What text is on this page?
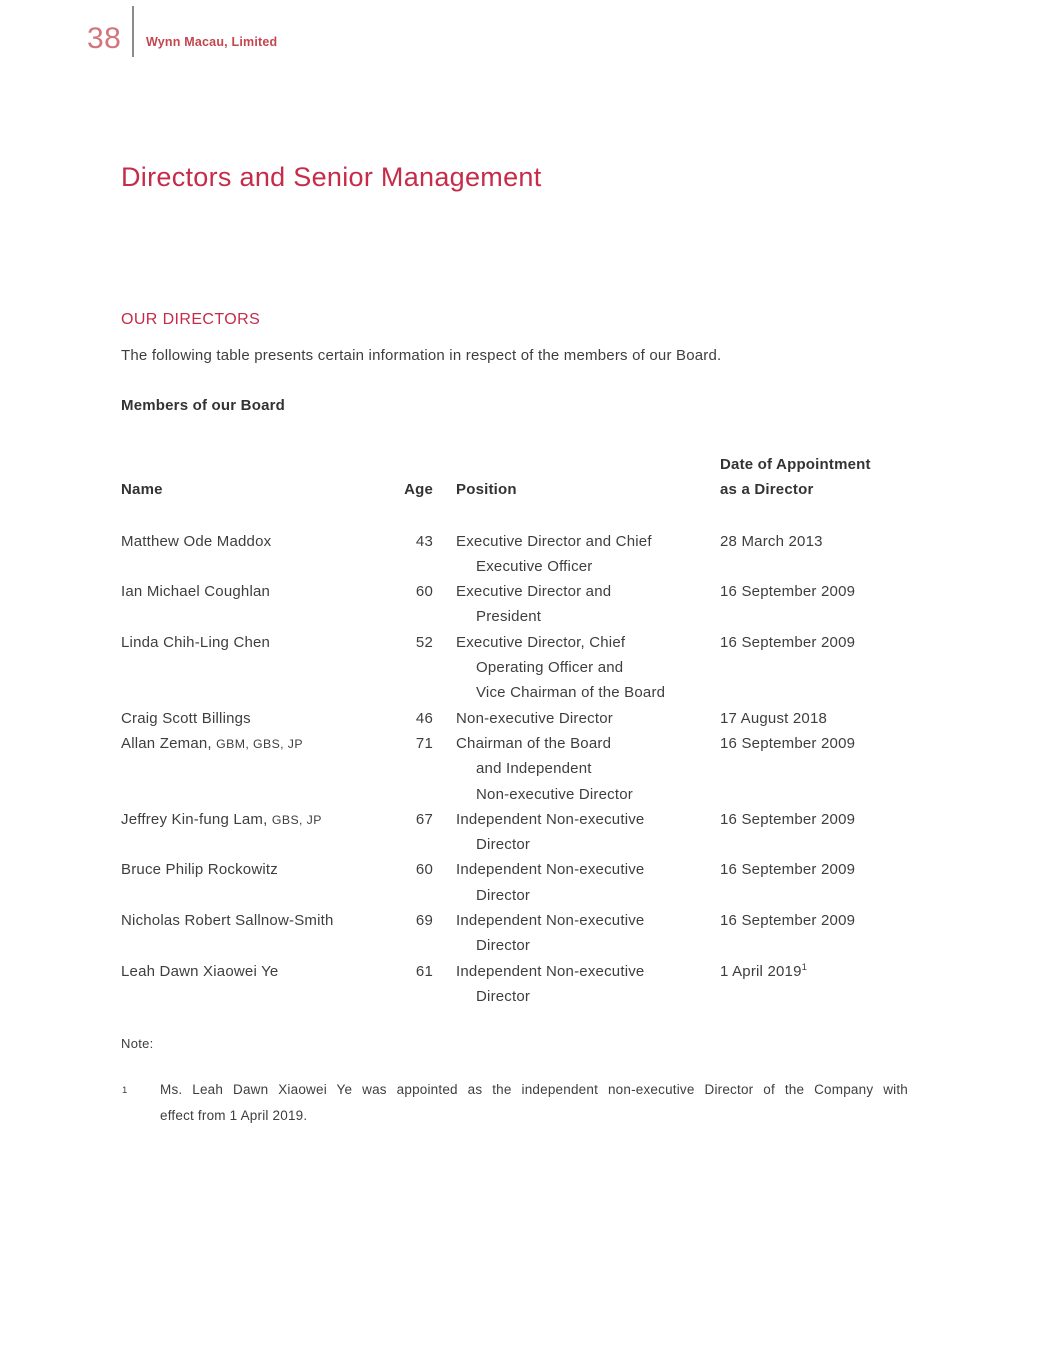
38 Wynn Macau, Limited
Directors and Senior Management
OUR DIRECTORS
The following table presents certain information in respect of the members of our Board.
Members of our Board
Name	Age	Position
Date of Appointment
as a Director
Matthew Ode Maddox	43 Executive Director and Chief
Executive Officer
28 March 2013
Ian Michael Coughlan	60 Executive Director and
President
16 September 2009
Linda Chih-Ling Chen	52 Executive Director, Chief
Operating Officer and
Vice Chairman of the Board
16 September 2009
Craig Scott Billings	46 Non-executive Director	17 August 2018
Allan Zeman, GBM, GBS, JP	71 Chairman of the Board
and Independent
Non-executive Director
16 September 2009
Jeffrey Kin-fung Lam, GBS, JP	67 Independent Non-executive
Director
16 September 2009
Bruce Philip Rockowitz	60 Independent Non-executive
Director
16 September 2009
Nicholas Robert Sallnow-Smith	69 Independent Non-executive
Director
16 September 2009
Leah Dawn Xiaowei Ye	61 Independent Non-executive
Director
1 April 2019$^1$
Note:
1 Ms. Leah Dawn Xiaowei Ye was appointed as the independent non-executive Director of the Company with
effect from 1 April 2019.
